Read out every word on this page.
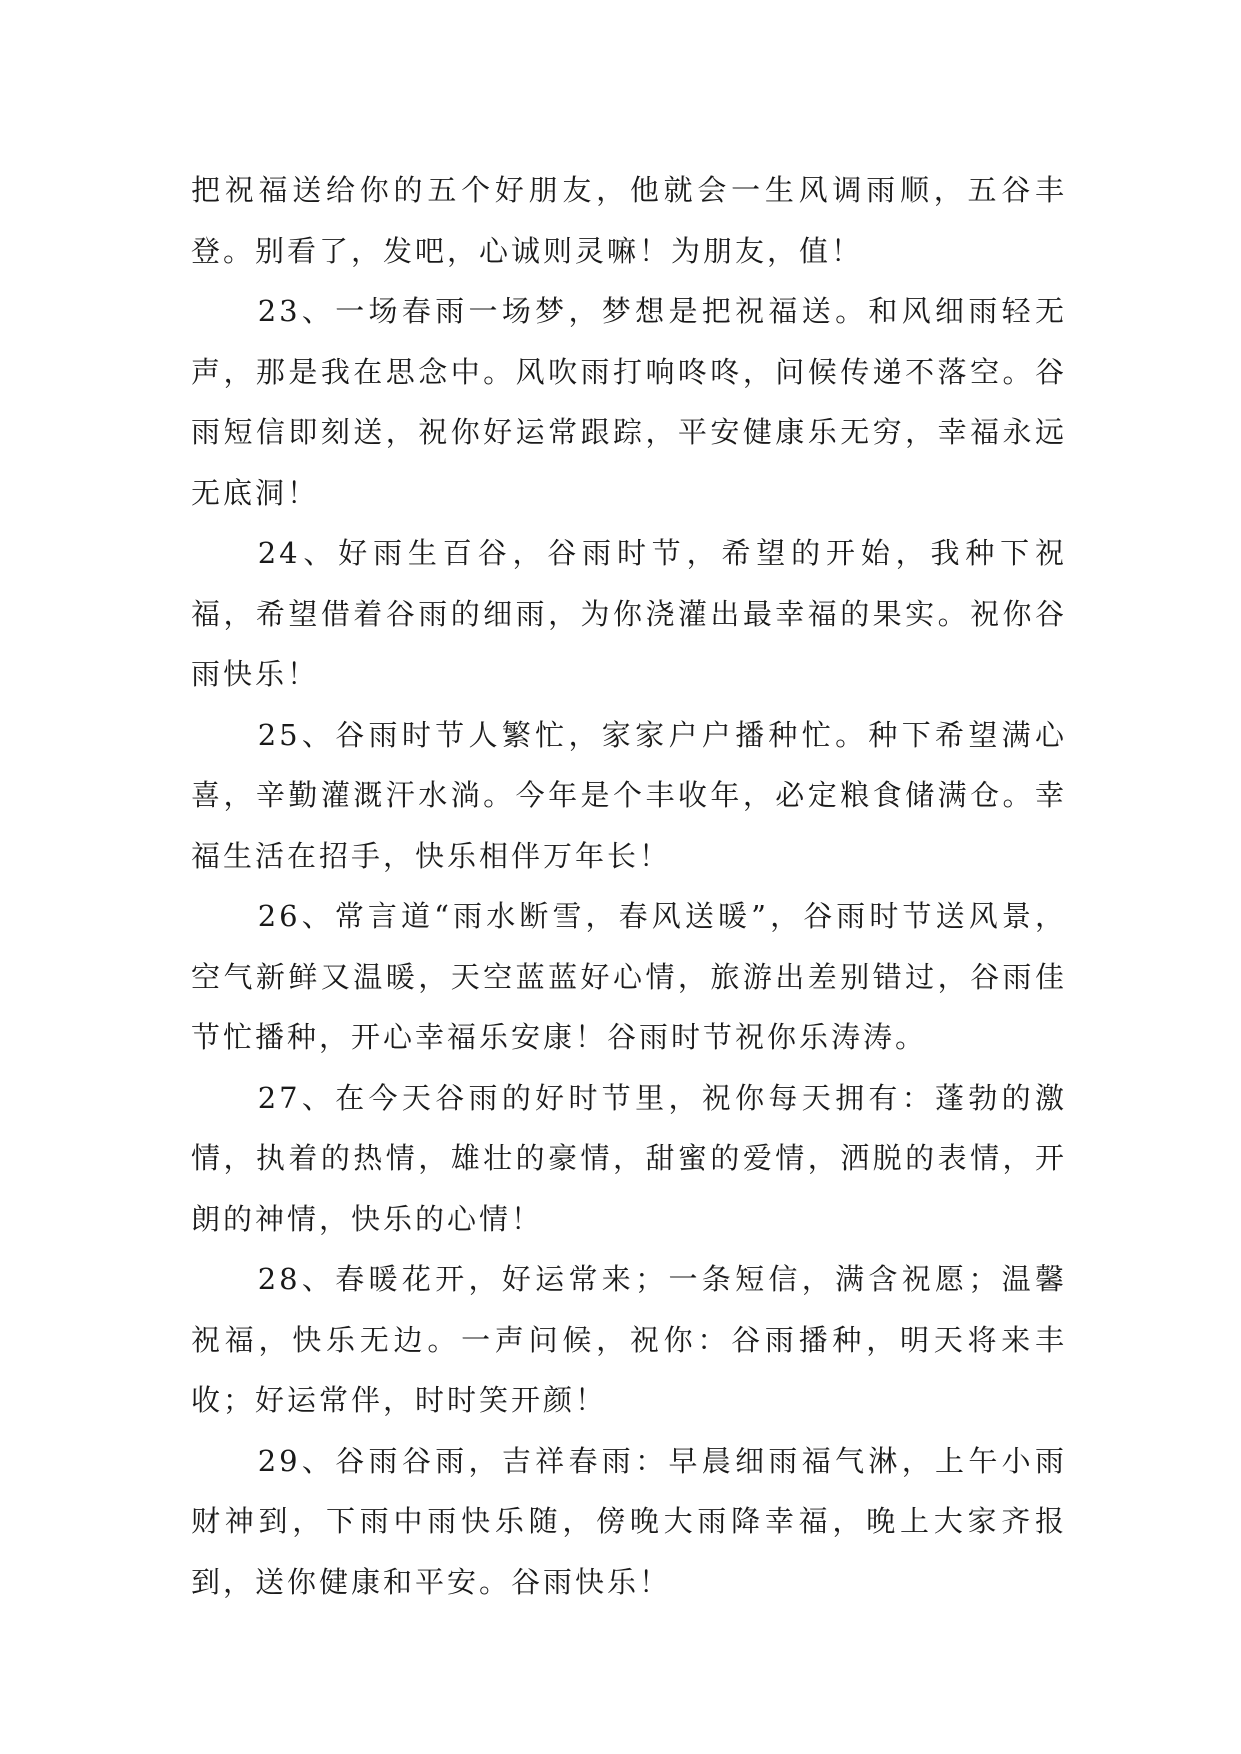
把祝福送给你的五个好朋友，他就会一生风调雨顺，五谷丰登。别看了，发吧，心诚则灵嘛！为朋友，值！

23、一场春雨一场梦，梦想是把祝福送。和风细雨轻无声，那是我在思念中。风吹雨打响咚咚，问候传递不落空。谷雨短信即刻送，祝你好运常跟踪，平安健康乐无穷，幸福永远无底洞！

24、好雨生百谷，谷雨时节，希望的开始，我种下祝福，希望借着谷雨的细雨，为你浇灌出最幸福的果实。祝你谷雨快乐！

25、谷雨时节人繁忙，家家户户播种忙。种下希望满心喜，辛勤灌溉汗水淌。今年是个丰收年，必定粮食储满仓。幸福生活在招手，快乐相伴万年长！

26、常言道“雨水断雪，春风送暖”，谷雨时节送风景，空气新鲜又温暖，天空蓝蓝好心情，旅游出差别错过，谷雨佳节忙播种，开心幸福乐安康！谷雨时节祝你乐涛涛。

27、在今天谷雨的好时节里，祝你每天拥有：蓬勃的激情，执着的热情，雄壮的豪情，甜蜜的爱情，洒脱的表情，开朗的神情，快乐的心情！

28、春暖花开，好运常来；一条短信，满含祝愿；温馨祝福，快乐无边。一声问候，祝你：谷雨播种，明天将来丰收；好运常伴，时时笑开颜！

29、谷雨谷雨，吉祥春雨：早晨细雨福气淋，上午小雨财神到，下雨中雨快乐随，傍晚大雨降幸福，晚上大家齐报到，送你健康和平安。谷雨快乐！
